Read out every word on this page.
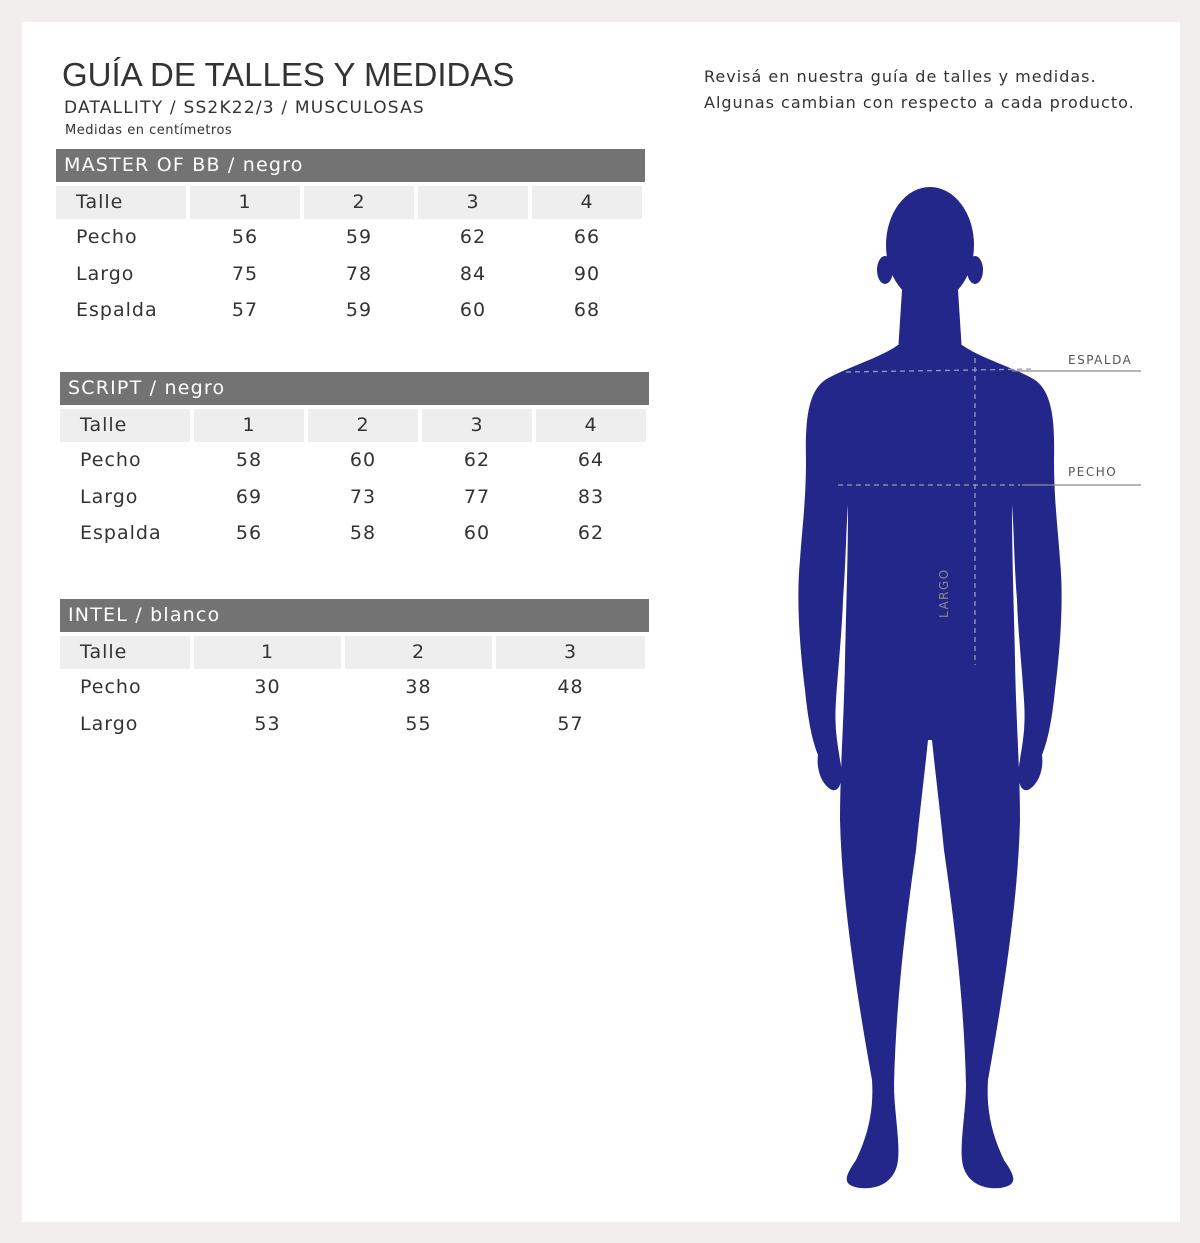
GUÍA DE TALLES Y MEDIDAS
DATALLITY / SS2K22/3 / MUSCULOSAS
Medidas en centímetros
Revisá en nuestra guía de talles y medidas.
Algunas cambian con respecto a cada producto.
MASTER OF BB / negro
Talle	1	2	3	4
Pecho	56	59	62	66
Largo	75	78	84	90
Espalda	57	59	60	68
SCRIPT / negro
Talle	1	2	3	4
Pecho	58	60	62	64
Largo	69	73	77	83
Espalda	56	58	60	62
INTEL / blanco
Talle	1	2	3
Pecho	30	38	48
Largo	53	55	57
ESPALDA
PECHO
LARGO
